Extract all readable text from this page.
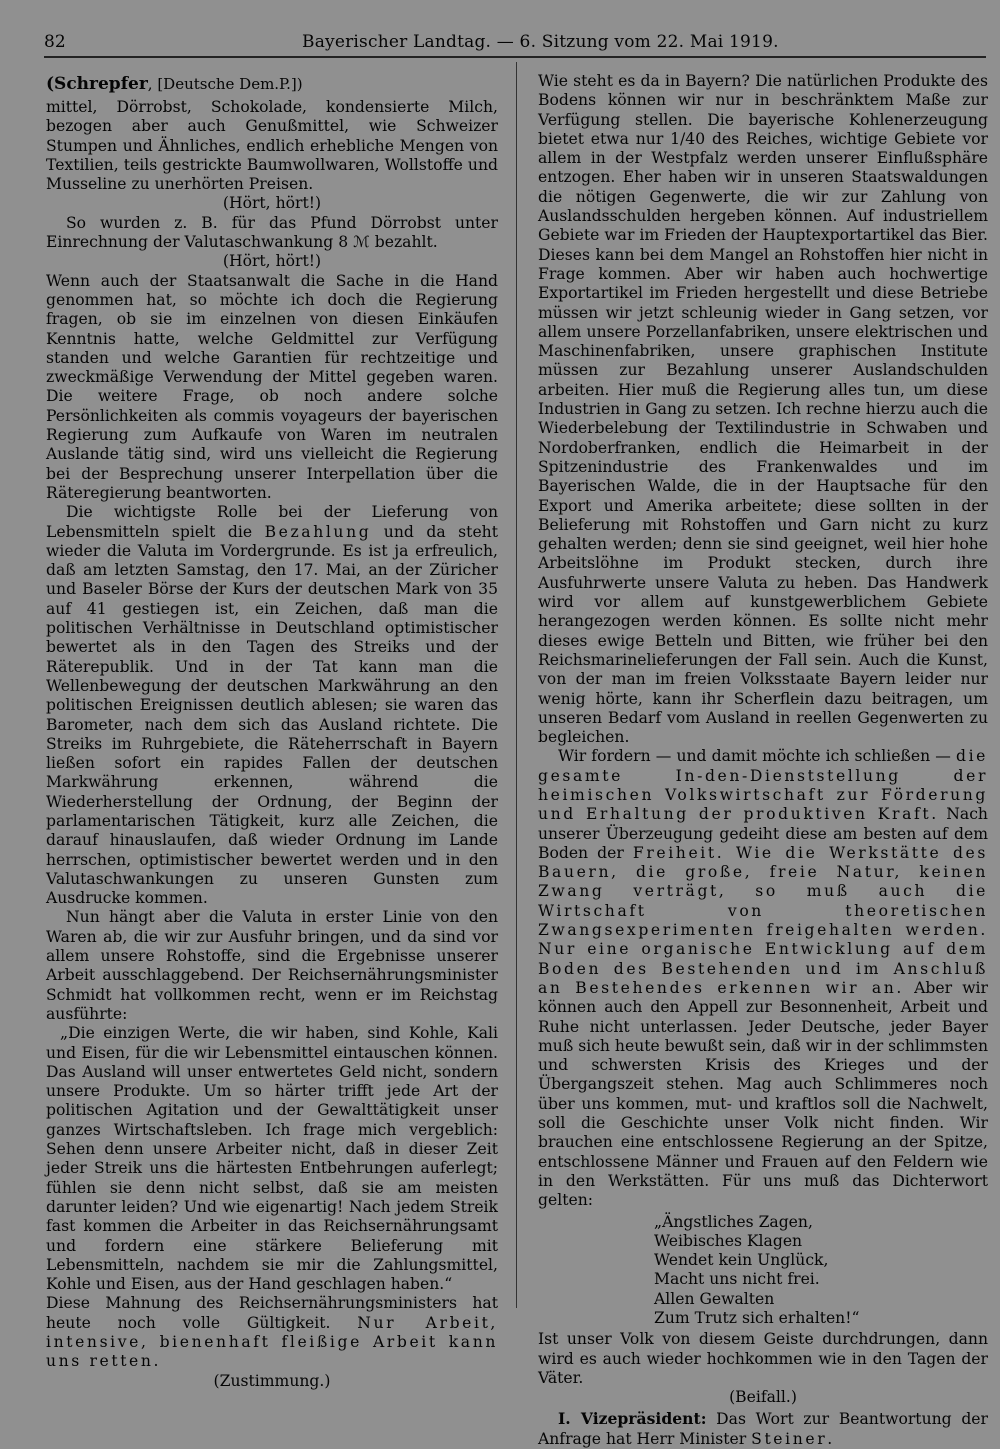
82	Bayerischer Landtag. — 6. Sitzung vom 22. Mai 1919.

(Schrepfer, [Deutsche Dem.P.])

mittel, Dörrobst, Schokolade, kondensierte Milch, bezogen aber auch Genußmittel, wie Schweizer Stumpen und Ähnliches, endlich erhebliche Mengen von Textilien, teils gestrickte Baumwollwaren, Wollstoffe und Musseline zu unerhörten Preisen.

(Hört, hört!)

So wurden z. B. für das Pfund Dörrobst unter Einrechnung der Valutaschwankung 8 ℳ bezahlt.

(Hört, hört!)

Wenn auch der Staatsanwalt die Sache in die Hand genommen hat, so möchte ich doch die Regierung fragen, ob sie im einzelnen von diesen Einkäufen Kenntnis hatte, welche Geldmittel zur Verfügung standen und welche Garantien für rechtzeitige und zweckmäßige Verwendung der Mittel gegeben waren. Die weitere Frage, ob noch andere solche Persönlichkeiten als commis voyageurs der bayerischen Regierung zum Aufkaufe von Waren im neutralen Auslande tätig sind, wird uns vielleicht die Regierung bei der Besprechung unserer Interpellation über die Räteregierung beantworten.

Die wichtigste Rolle bei der Lieferung von Lebensmitteln spielt die Bezahlung und da steht wieder die Valuta im Vordergrunde. Es ist ja erfreulich, daß am letzten Samstag, den 17. Mai, an der Züricher und Baseler Börse der Kurs der deutschen Mark von 35 auf 41 gestiegen ist, ein Zeichen, daß man die politischen Verhältnisse in Deutschland optimistischer bewertet als in den Tagen des Streiks und der Räterepublik. Und in der Tat kann man die Wellenbewegung der deutschen Markwährung an den politischen Ereignissen deutlich ablesen; sie waren das Barometer, nach dem sich das Ausland richtete. Die Streiks im Ruhrgebiete, die Räteherrschaft in Bayern ließen sofort ein rapides Fallen der deutschen Markwährung erkennen, während die Wiederherstellung der Ordnung, der Beginn der parlamentarischen Tätigkeit, kurz alle Zeichen, die darauf hinauslaufen, daß wieder Ordnung im Lande herrschen, optimistischer bewertet werden und in den Valutaschwankungen zu unseren Gunsten zum Ausdrucke kommen.

Nun hängt aber die Valuta in erster Linie von den Waren ab, die wir zur Ausfuhr bringen, und da sind vor allem unsere Rohstoffe, sind die Ergebnisse unserer Arbeit ausschlaggebend. Der Reichsernährungsminister Schmidt hat vollkommen recht, wenn er im Reichstag ausführte:

„Die einzigen Werte, die wir haben, sind Kohle, Kali und Eisen, für die wir Lebensmittel eintauschen können. Das Ausland will unser entwertetes Geld nicht, sondern unsere Produkte. Um so härter trifft jede Art der politischen Agitation und der Gewalttätigkeit unser ganzes Wirtschaftsleben. Ich frage mich vergeblich: Sehen denn unsere Arbeiter nicht, daß in dieser Zeit jeder Streik uns die härtesten Entbehrungen auferlegt; fühlen sie denn nicht selbst, daß sie am meisten darunter leiden? Und wie eigenartig! Nach jedem Streik fast kommen die Arbeiter in das Reichsernährungsamt und fordern eine stärkere Belieferung mit Lebensmitteln, nachdem sie mir die Zahlungsmittel, Kohle und Eisen, aus der Hand geschlagen haben.“

Diese Mahnung des Reichsernährungsministers hat heute noch volle Gültigkeit. Nur Arbeit, intensive, bienenhaft fleißige Arbeit kann uns retten.

(Zustimmung.)

Wie steht es da in Bayern? Die natürlichen Produkte des Bodens können wir nur in beschränktem Maße zur Verfügung stellen. Die bayerische Kohlenerzeugung bietet etwa nur 1/40 des Reiches, wichtige Gebiete vor allem in der Westpfalz werden unserer Einflußsphäre entzogen. Eher haben wir in unseren Staatswaldungen die nötigen Gegenwerte, die wir zur Zahlung von Auslandsschulden hergeben können. Auf industriellem Gebiete war im Frieden der Hauptexportartikel das Bier. Dieses kann bei dem Mangel an Rohstoffen hier nicht in Frage kommen. Aber wir haben auch hochwertige Exportartikel im Frieden hergestellt und diese Betriebe müssen wir jetzt schleunig wieder in Gang setzen, vor allem unsere Porzellanfabriken, unsere elektrischen und Maschinenfabriken, unsere graphischen Institute müssen zur Bezahlung unserer Auslandschulden arbeiten. Hier muß die Regierung alles tun, um diese Industrien in Gang zu setzen. Ich rechne hierzu auch die Wiederbelebung der Textilindustrie in Schwaben und Nordoberfranken, endlich die Heimarbeit in der Spitzenindustrie des Frankenwaldes und im Bayerischen Walde, die in der Hauptsache für den Export und Amerika arbeitete; diese sollten in der Belieferung mit Rohstoffen und Garn nicht zu kurz gehalten werden; denn sie sind geeignet, weil hier hohe Arbeitslöhne im Produkt stecken, durch ihre Ausfuhrwerte unsere Valuta zu heben. Das Handwerk wird vor allem auf kunstgewerblichem Gebiete herangezogen werden können. Es sollte nicht mehr dieses ewige Betteln und Bitten, wie früher bei den Reichsmarinelieferungen der Fall sein. Auch die Kunst, von der man im freien Volksstaate Bayern leider nur wenig hörte, kann ihr Scherflein dazu beitragen, um unseren Bedarf vom Ausland in reellen Gegenwerten zu begleichen.

Wir fordern — und damit möchte ich schließen — die gesamte In-den-Dienststellung der heimischen Volkswirtschaft zur Förderung und Erhaltung der produktiven Kraft. Nach unserer Überzeugung gedeiht diese am besten auf dem Boden der Freiheit. Wie die Werkstätte des Bauern, die große, freie Natur, keinen Zwang verträgt, so muß auch die Wirtschaft von theoretischen Zwangsexperimenten freigehalten werden. Nur eine organische Entwicklung auf dem Boden des Bestehenden und im Anschluß an Bestehendes erkennen wir an. Aber wir können auch den Appell zur Besonnenheit, Arbeit und Ruhe nicht unterlassen. Jeder Deutsche, jeder Bayer muß sich heute bewußt sein, daß wir in der schlimmsten und schwersten Krisis des Krieges und der Übergangszeit stehen. Mag auch Schlimmeres noch über uns kommen, mut- und kraftlos soll die Nachwelt, soll die Geschichte unser Volk nicht finden. Wir brauchen eine entschlossene Regierung an der Spitze, entschlossene Männer und Frauen auf den Feldern wie in den Werkstätten. Für uns muß das Dichterwort gelten:

„Ängstliches Zagen,
Weibisches Klagen
Wendet kein Unglück,
Macht uns nicht frei.
Allen Gewalten
Zum Trutz sich erhalten!“

Ist unser Volk von diesem Geiste durchdrungen, dann wird es auch wieder hochkommen wie in den Tagen der Väter.

(Beifall.)

I. Vizepräsident: Das Wort zur Beantwortung der Anfrage hat Herr Minister Steiner.
